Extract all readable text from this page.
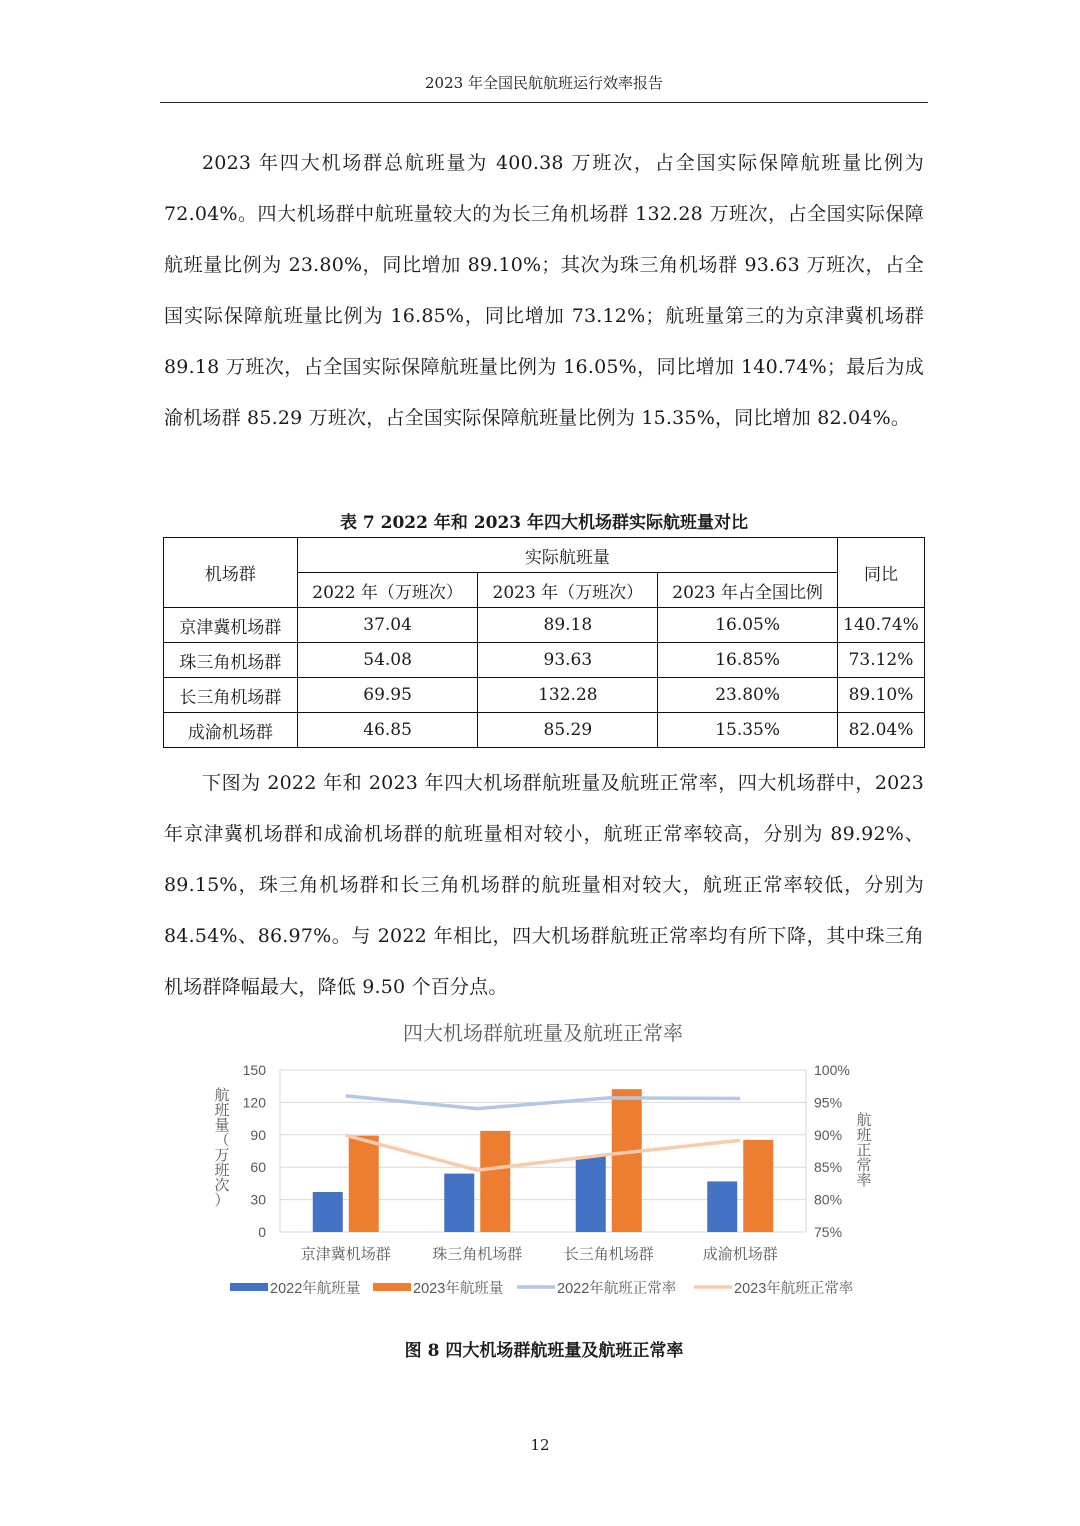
2023 年全国民航航班运行效率报告

2023 年四大机场群总航班量为 400.38 万班次，占全国实际保障航班量比例为 72.04%。四大机场群中航班量较大的为长三角机场群 132.28 万班次，占全国实际保障航班量比例为 23.80%，同比增加 89.10%；其次为珠三角机场群 93.63 万班次，占全国实际保障航班量比例为 16.85%，同比增加 73.12%；航班量第三的为京津冀机场群 89.18 万班次，占全国实际保障航班量比例为 16.05%，同比增加 140.74%；最后为成渝机场群 85.29 万班次，占全国实际保障航班量比例为 15.35%，同比增加 82.04%。

表 7 2022 年和 2023 年四大机场群实际航班量对比
机场群	实际航班量			同比
	2022 年（万班次）	2023 年（万班次）	2023 年占全国比例	
京津冀机场群	37.04	89.18	16.05%	140.74%
珠三角机场群	54.08	93.63	16.85%	73.12%
长三角机场群	69.95	132.28	23.80%	89.10%
成渝机场群	46.85	85.29	15.35%	82.04%

下图为 2022 年和 2023 年四大机场群航班量及航班正常率，四大机场群中，2023 年京津冀机场群和成渝机场群的航班量相对较小，航班正常率较高，分别为 89.92%、89.15%，珠三角机场群和长三角机场群的航班量相对较大，航班正常率较低，分别为 84.54%、86.97%。与 2022 年相比，四大机场群航班正常率均有所下降，其中珠三角机场群降幅最大，降低 9.50 个百分点。

四大机场群航班量及航班正常率
0
30
60
90
120
150
75%
80%
85%
90%
95%
100%
航
班
量
（
万
班
次
）
航
班
正
常
率
京津冀机场群	珠三角机场群	长三角机场群	成渝机场群
2022年航班量	2023年航班量	2022年航班正常率	2023年航班正常率
图 8 四大机场群航班量及航班正常率
12
